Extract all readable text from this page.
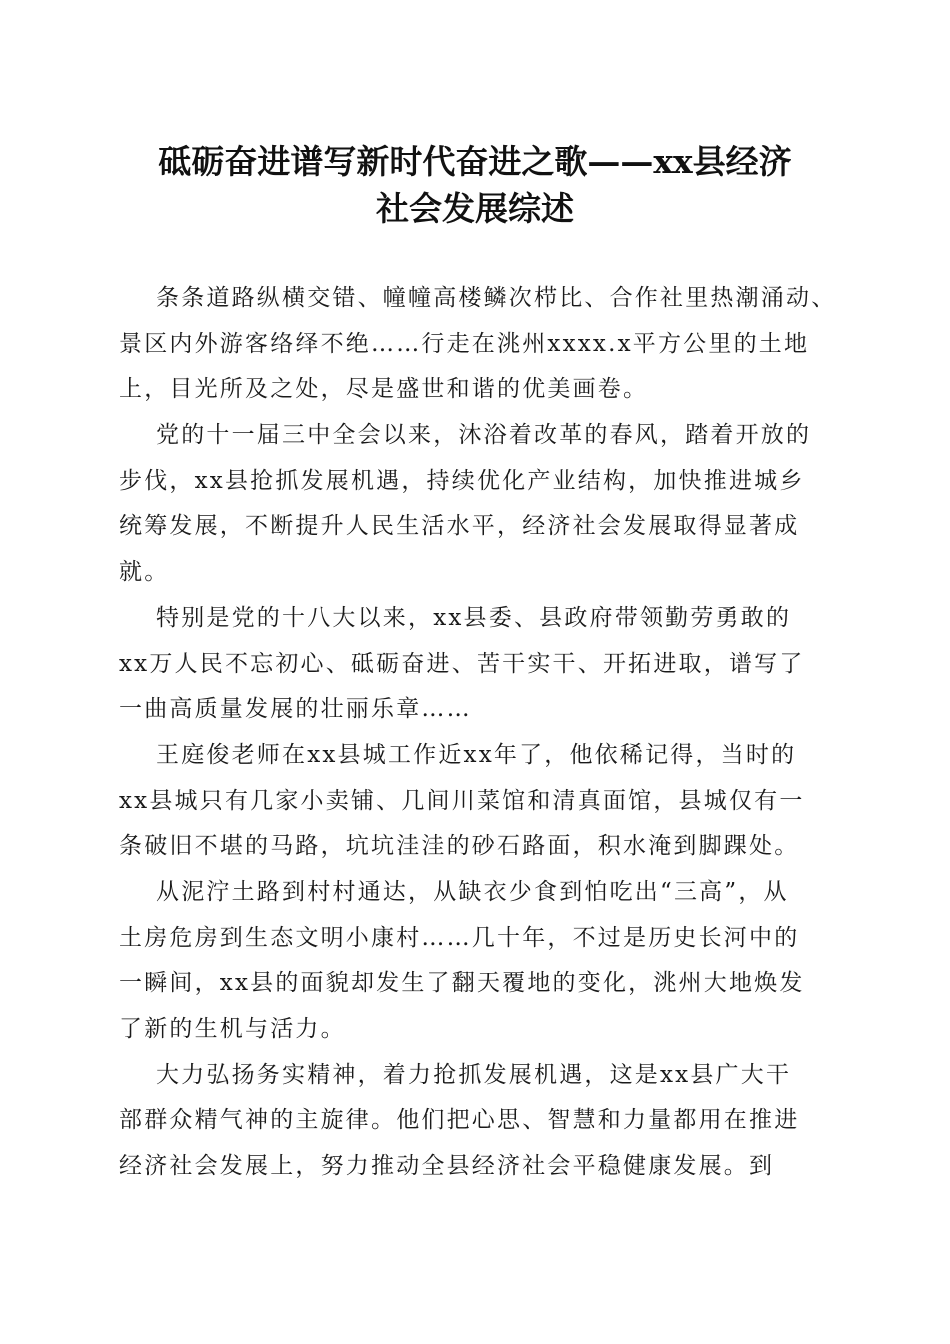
砥砺奋进谱写新时代奋进之歌——xx县经济
社会发展综述

条条道路纵横交错、幢幢高楼鳞次栉比、合作社里热潮涌动、
景区内外游客络绎不绝……行走在洮州xxxx.x平方公里的土地
上，目光所及之处，尽是盛世和谐的优美画卷。

党的十一届三中全会以来，沐浴着改革的春风，踏着开放的
步伐，xx县抢抓发展机遇，持续优化产业结构，加快推进城乡
统筹发展，不断提升人民生活水平，经济社会发展取得显著成
就。

特别是党的十八大以来，xx县委、县政府带领勤劳勇敢的
xx万人民不忘初心、砥砺奋进、苦干实干、开拓进取，谱写了
一曲高质量发展的壮丽乐章……

王庭俊老师在xx县城工作近xx年了，他依稀记得，当时的
xx县城只有几家小卖铺、几间川菜馆和清真面馆，县城仅有一
条破旧不堪的马路，坑坑洼洼的砂石路面，积水淹到脚踝处。

从泥泞土路到村村通达，从缺衣少食到怕吃出“三高”，从
土房危房到生态文明小康村……几十年，不过是历史长河中的
一瞬间，xx县的面貌却发生了翻天覆地的变化，洮州大地焕发
了新的生机与活力。

大力弘扬务实精神，着力抢抓发展机遇，这是xx县广大干
部群众精气神的主旋律。他们把心思、智慧和力量都用在推进
经济社会发展上，努力推动全县经济社会平稳健康发展。到
